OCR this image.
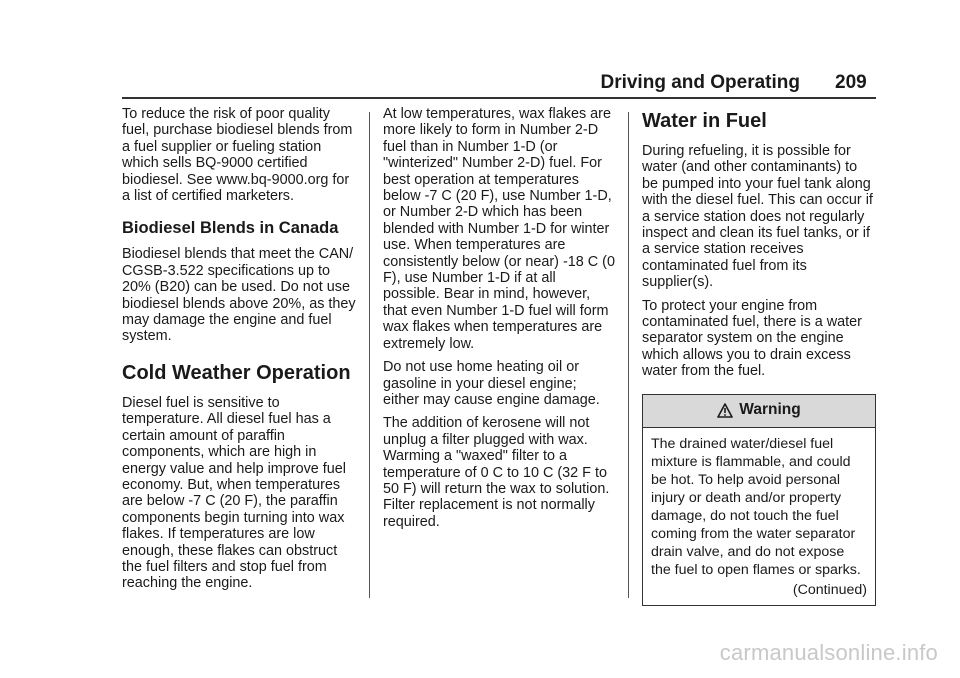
Driving and Operating 209

To reduce the risk of poor quality fuel, purchase biodiesel blends from a fuel supplier or fueling station which sells BQ-9000 certified biodiesel. See www.bq-9000.org for a list of certified marketers.

Biodiesel Blends in Canada

Biodiesel blends that meet the CAN/ CGSB-3.522 specifications up to 20% (B20) can be used. Do not use biodiesel blends above 20%, as they may damage the engine and fuel system.

Cold Weather Operation

Diesel fuel is sensitive to temperature. All diesel fuel has a certain amount of paraffin components, which are high in energy value and help improve fuel economy. But, when temperatures are below -7 C (20 F), the paraffin components begin turning into wax flakes. If temperatures are low enough, these flakes can obstruct the fuel filters and stop fuel from reaching the engine.

At low temperatures, wax flakes are more likely to form in Number 2-D fuel than in Number 1-D (or "winterized" Number 2-D) fuel. For best operation at temperatures below -7 C (20 F), use Number 1-D, or Number 2-D which has been blended with Number 1-D for winter use. When temperatures are consistently below (or near) -18 C (0 F), use Number 1-D if at all possible. Bear in mind, however, that even Number 1-D fuel will form wax flakes when temperatures are extremely low.

Do not use home heating oil or gasoline in your diesel engine; either may cause engine damage.

The addition of kerosene will not unplug a filter plugged with wax. Warming a "waxed" filter to a temperature of 0 C to 10 C (32 F to 50 F) will return the wax to solution. Filter replacement is not normally required.

Water in Fuel

During refueling, it is possible for water (and other contaminants) to be pumped into your fuel tank along with the diesel fuel. This can occur if a service station does not regularly inspect and clean its fuel tanks, or if a service station receives contaminated fuel from its supplier(s).

To protect your engine from contaminated fuel, there is a water separator system on the engine which allows you to drain excess water from the fuel.

Warning
The drained water/diesel fuel mixture is flammable, and could be hot. To help avoid personal injury or death and/or property damage, do not touch the fuel coming from the water separator drain valve, and do not expose the fuel to open flames or sparks.
(Continued)
carmanualsonline.info
